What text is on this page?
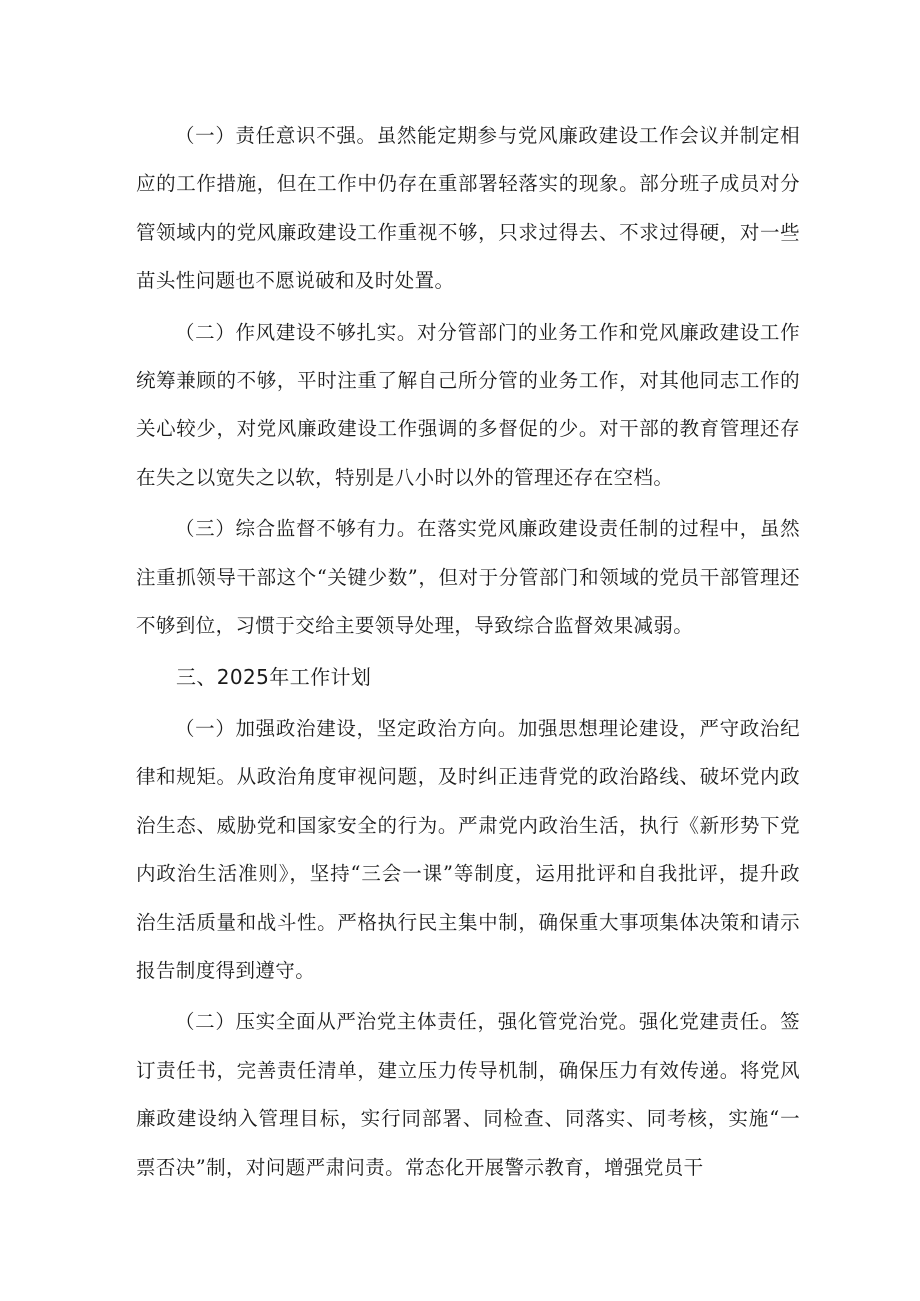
（一）责任意识不强。虽然能定期参与党风廉政建设工作会议并制定相应的工作措施，但在工作中仍存在重部署轻落实的现象。部分班子成员对分管领域内的党风廉政建设工作重视不够，只求过得去、不求过得硬，对一些苗头性问题也不愿说破和及时处置。

（二）作风建设不够扎实。对分管部门的业务工作和党风廉政建设工作统筹兼顾的不够，平时注重了解自己所分管的业务工作，对其他同志工作的关心较少，对党风廉政建设工作强调的多督促的少。对干部的教育管理还存在失之以宽失之以软，特别是八小时以外的管理还存在空档。

（三）综合监督不够有力。在落实党风廉政建设责任制的过程中，虽然注重抓领导干部这个“关键少数”，但对于分管部门和领域的党员干部管理还不够到位，习惯于交给主要领导处理，导致综合监督效果减弱。

三、2025年工作计划

（一）加强政治建设，坚定政治方向。加强思想理论建设，严守政治纪律和规矩。从政治角度审视问题，及时纠正违背党的政治路线、破坏党内政治生态、威胁党和国家安全的行为。严肃党内政治生活，执行《新形势下党内政治生活准则》，坚持“三会一课”等制度，运用批评和自我批评，提升政治生活质量和战斗性。严格执行民主集中制，确保重大事项集体决策和请示报告制度得到遵守。

（二）压实全面从严治党主体责任，强化管党治党。强化党建责任。签订责任书，完善责任清单，建立压力传导机制，确保压力有效传递。将党风廉政建设纳入管理目标，实行同部署、同检查、同落实、同考核，实施“一票否决”制，对问题严肃问责。常态化开展警示教育，增强党员干
